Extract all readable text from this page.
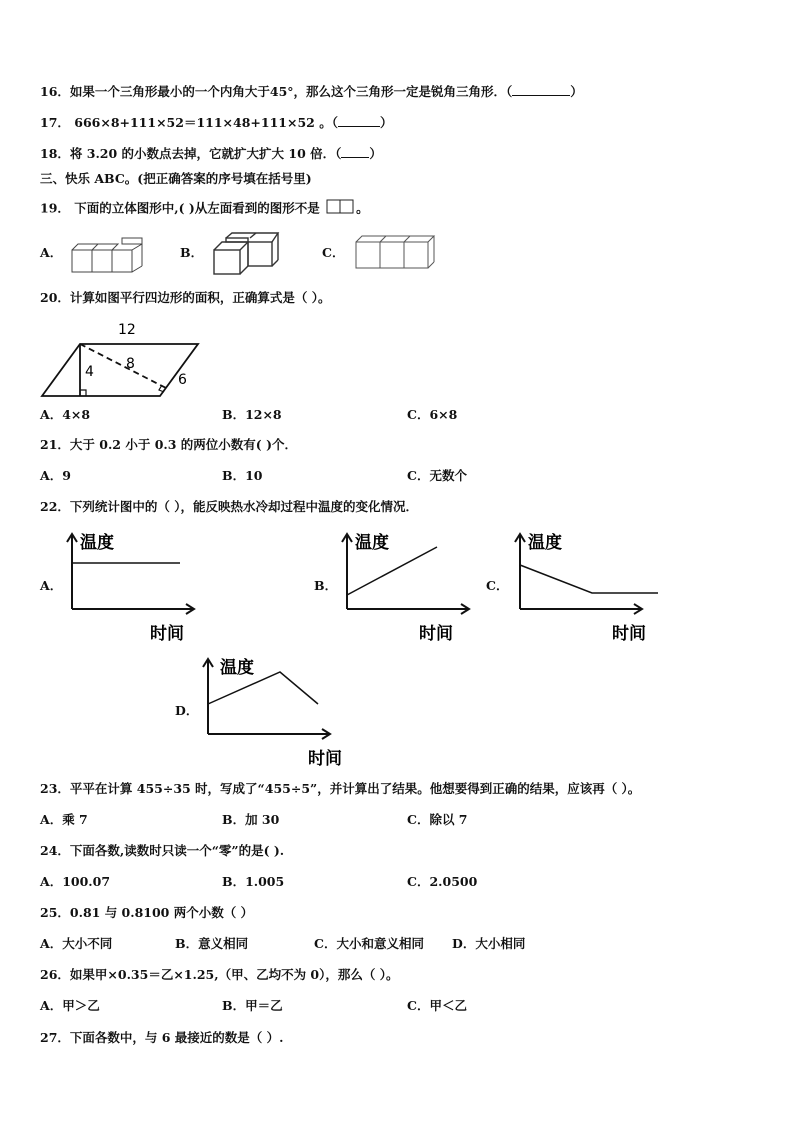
16．如果一个三角形最小的一个内角大于45°，那么这个三角形一定是锐角三角形．（	）
17． 666×8+111×52＝111×48+111×52 。（	）
18．将 3.20 的小数点去掉，它就扩大扩大 10 倍．（ ）
三、快乐 ABC。(把正确答案的序号填在括号里)
19． 下面的立体图形中,( )从左面看到的图形不是	。
A．	B．	C．
20．计算如图平行四边形的面积，正确算式是（ ）。
12
8
4	6
A．4×8	B．12×8	C．6×8
21．大于 0.2 小于 0.3 的两位小数有( )个．
A．9	B．10	C．无数个
22．下列统计图中的（ ），能反映热水冷却过程中温度的变化情况．
A．
温度
时间
B．
温度
时间
C．
温度
时间
D．
温度
时间
23．平平在计算 455÷35 时，写成了“455÷5”，并计算出了结果。他想要得到正确的结果，应该再（ ）。
A．乘 7	B．加 30	C．除以 7
24．下面各数,读数时只读一个“零”的是( ).
A．100.07	B．1.005	C．2.0500
25．0.81 与 0.8100 两个小数（ ）
A．大小不同	B．意义相同	C．大小和意义相同 D．大小相同
26．如果甲×0.35＝乙×1.25,（甲、乙均不为 0），那么（ ）。
A．甲＞乙	B．甲＝乙	C．甲＜乙
27．下面各数中，与 6 最接近的数是（ ）.
